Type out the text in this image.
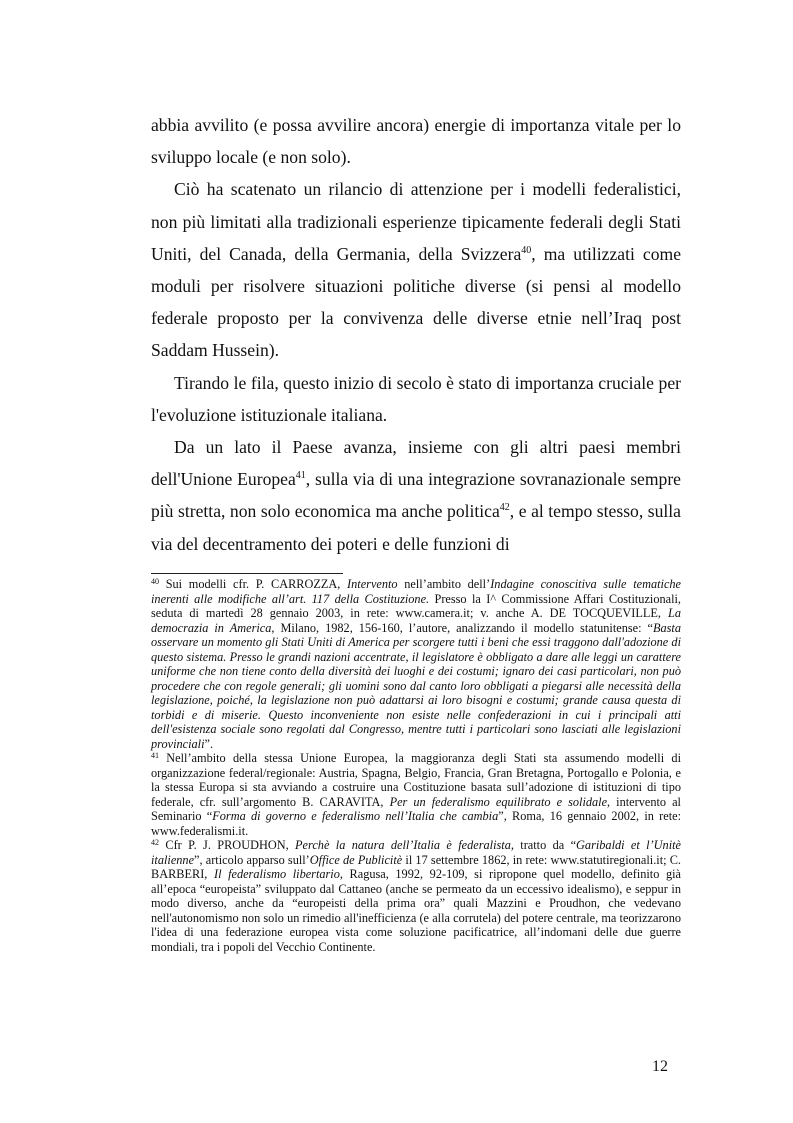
abbia avvilito (e possa avvilire ancora) energie di importanza vitale per lo sviluppo locale (e non solo).

Ciò ha scatenato un rilancio di attenzione per i modelli federalistici, non più limitati alla tradizionali esperienze tipicamente federali degli Stati Uniti, del Canada, della Germania, della Svizzera$^{40}$, ma utilizzati come moduli per risolvere situazioni politiche diverse (si pensi al modello federale proposto per la convivenza delle diverse etnie nell’Iraq post Saddam Hussein).

Tirando le fila, questo inizio di secolo è stato di importanza cruciale per l'evoluzione istituzionale italiana.

Da un lato il Paese avanza, insieme con gli altri paesi membri dell'Unione Europea$^{41}$, sulla via di una integrazione sovranazionale sempre più stretta, non solo economica ma anche politica$^{42}$, e al tempo stesso, sulla via del decentramento dei poteri e delle funzioni di

$^{40}$ Sui modelli cfr. P. CARROZZA, Intervento nell’ambito dell’Indagine conoscitiva sulle tematiche inerenti alle modifiche all’art. 117 della Costituzione. Presso la I^ Commissione Affari Costituzionali, seduta di martedì 28 gennaio 2003, in rete: www.camera.it; v. anche A. DE TOCQUEVILLE, La democrazia in America, Milano, 1982, 156-160, l’autore, analizzando il modello statunitense: “Basta osservare un momento gli Stati Uniti di America per scorgere tutti i beni che essi traggono dall'adozione di questo sistema. Presso le grandi nazioni accentrate, il legislatore è obbligato a dare alle leggi un carattere uniforme che non tiene conto della diversità dei luoghi e dei costumi; ignaro dei casi particolari, non può procedere che con regole generali; gli uomini sono dal canto loro obbligati a piegarsi alle necessità della legislazione, poiché, la legislazione non può adattarsi ai loro bisogni e costumi; grande causa questa di torbidi e di miserie. Questo inconveniente non esiste nelle confederazioni in cui i principali atti dell'esistenza sociale sono regolati dal Congresso, mentre tutti i particolari sono lasciati alle legislazioni provinciali”.

$^{41}$ Nell’ambito della stessa Unione Europea, la maggioranza degli Stati sta assumendo modelli di organizzazione federal/regionale: Austria, Spagna, Belgio, Francia, Gran Bretagna, Portogallo e Polonia, e la stessa Europa si sta avviando a costruire una Costituzione basata sull’adozione di istituzioni di tipo federale, cfr. sull’argomento B. CARAVITA, Per un federalismo equilibrato e solidale, intervento al Seminario “Forma di governo e federalismo nell’Italia che cambia”, Roma, 16 gennaio 2002, in rete: www.federalismi.it.

$^{42}$ Cfr P. J. PROUDHON, Perchè la natura dell’Italia è federalista, tratto da “Garibaldi et l’Unitè italienne”, articolo apparso sull’Office de Publicitè il 17 settembre 1862, in rete: www.statutiregionali.it; C. BARBERI, Il federalismo libertario, Ragusa, 1992, 92-109, si ripropone quel modello, definito già all’epoca “europeista” sviluppato dal Cattaneo (anche se permeato da un eccessivo idealismo), e seppur in modo diverso, anche da “europeisti della prima ora” quali Mazzini e Proudhon, che vedevano nell'autonomismo non solo un rimedio all'inefficienza (e alla corrutela) del potere centrale, ma teorizzarono l'idea di una federazione europea vista come soluzione pacificatrice, all’indomani delle due guerre mondiali, tra i popoli del Vecchio Continente.

12
